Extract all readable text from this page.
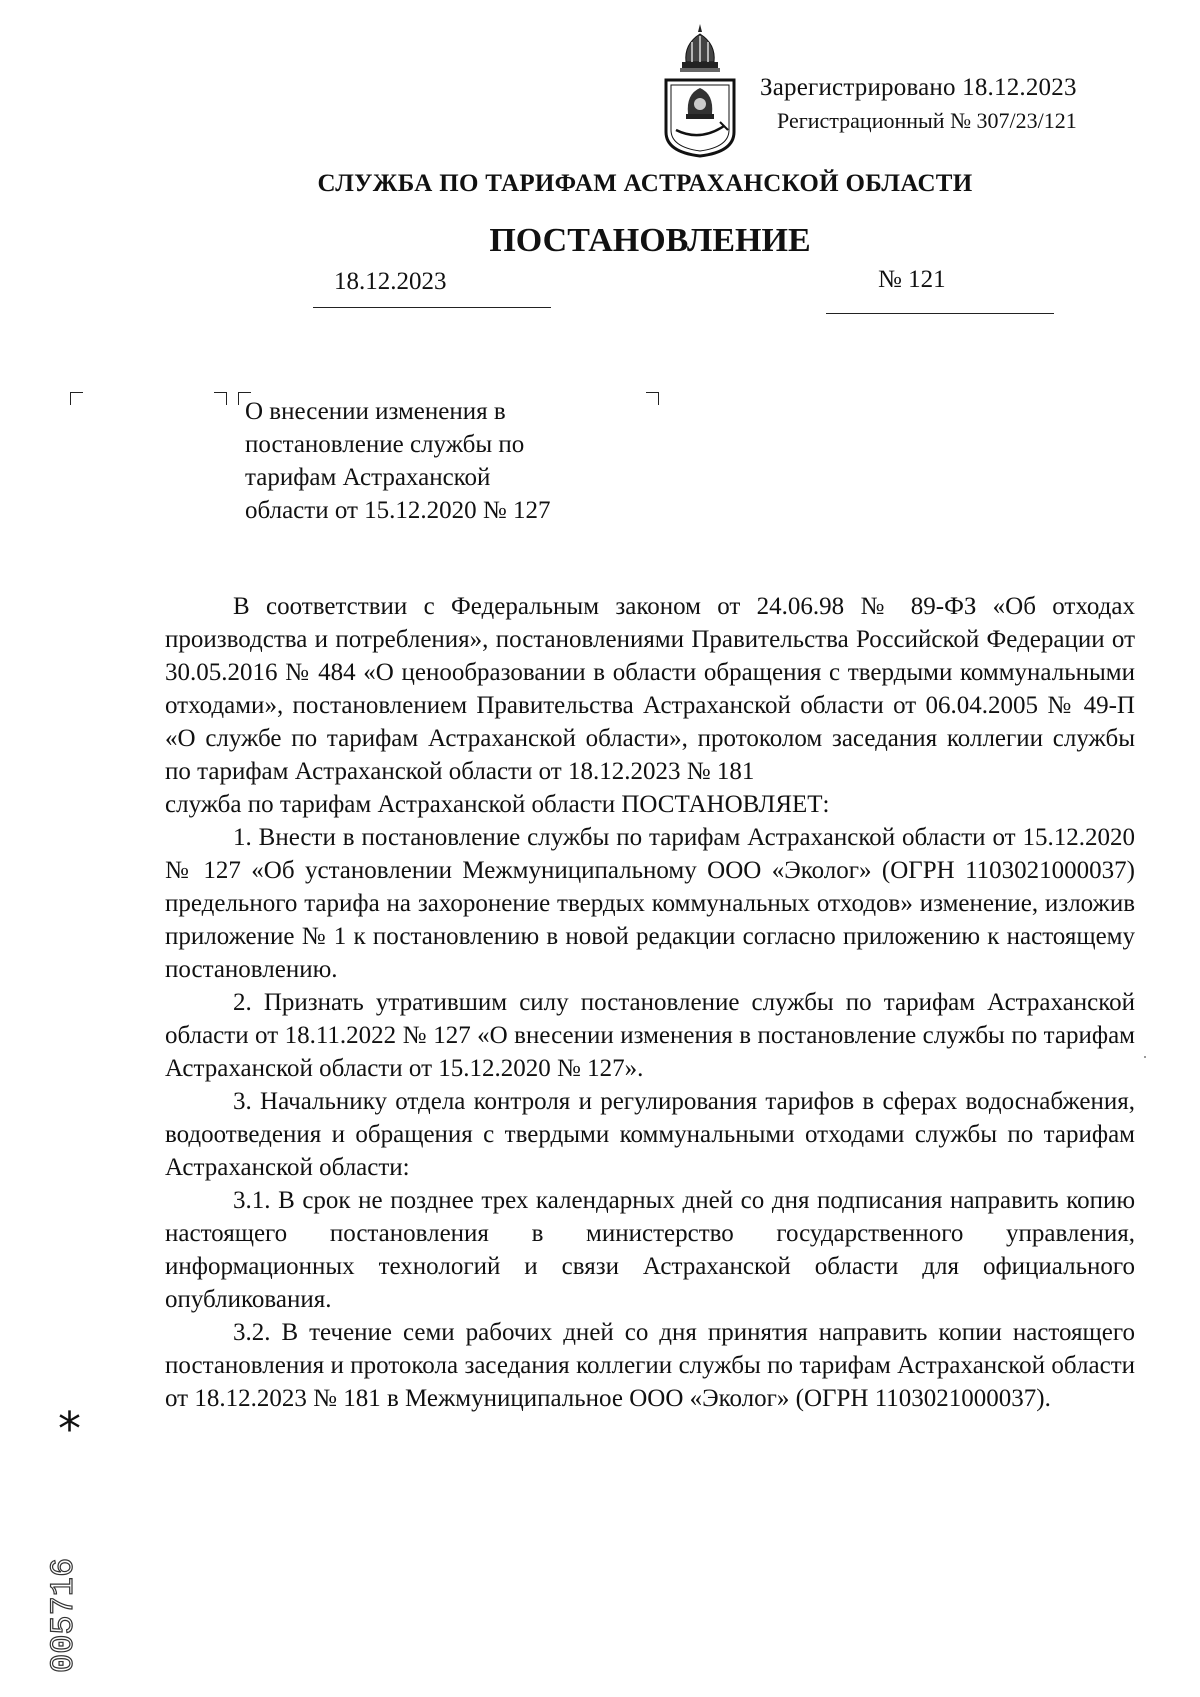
Зарегистрировано 18.12.2023
Регистрационный № 307/23/121
СЛУЖБА ПО ТАРИФАМ АСТРАХАНСКОЙ ОБЛАСТИ
ПОСТАНОВЛЕНИЕ
18.12.2023	№ 121
О внесении изменения в
постановление службы по
тарифам Астраханской
области от 15.12.2020 № 127

В соответствии с Федеральным законом от 24.06.98 № 89-ФЗ «Об отходах производства и потребления», постановлениями Правительства Российской Федерации от 30.05.2016 № 484 «О ценообразовании в области обращения с твердыми коммунальными отходами», постановлением Правительства Астраханской области от 06.04.2005 № 49-П «О службе по тарифам Астраханской области», протоколом заседания коллегии службы по тарифам Астраханской области от 18.12.2023 № 181

служба по тарифам Астраханской области ПОСТАНОВЛЯЕТ:

1. Внести в постановление службы по тарифам Астраханской области от 15.12.2020 № 127 «Об установлении Межмуниципальному ООО «Эколог» (ОГРН 1103021000037) предельного тарифа на захоронение твердых коммунальных отходов» изменение, изложив приложение № 1 к постановлению в новой редакции согласно приложению к настоящему постановлению.

2. Признать утратившим силу постановление службы по тарифам Астраханской области от 18.11.2022 № 127 «О внесении изменения в постановление службы по тарифам Астраханской области от 15.12.2020 № 127».

3. Начальнику отдела контроля и регулирования тарифов в сферах водоснабжения, водоотведения и обращения с твердыми коммунальными отходами службы по тарифам Астраханской области:

3.1. В срок не позднее трех календарных дней со дня подписания направить копию настоящего постановления в министерство государственного управления, информационных технологий и связи Астраханской области для официального опубликования.

3.2. В течение семи рабочих дней со дня принятия направить копии настоящего постановления и протокола заседания коллегии службы по тарифам Астраханской области от 18.12.2023 № 181 в Межмуниципальное ООО «Эколог» (ОГРН 1103021000037).

*
005716
